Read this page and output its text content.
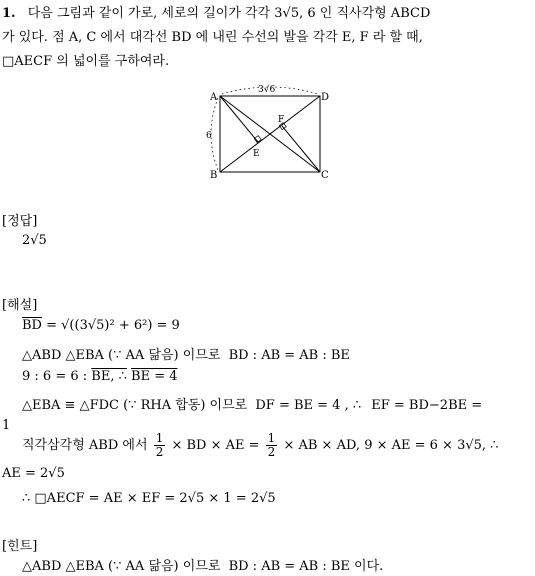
1. 다음 그림과 같이 가로, 세로의 길이가 각각 3√5, 6 인 직사각형 ABCD
가 있다. 점 A, C 에서 대각선 BD 에 내린 수선의 발을 각각 E, F 라 할 때,
□AECF 의 넓이를 구하여라.
A	D
B	C
E
F
3√6
6
[정답]
2√5
[해설]
$\overline{BD} = √((3√5)^2 + 6^2) = 9$
△ABD △EBA (∵ AA 닮음) 이므로 BD : AB = AB : BE
9 : 6 = 6 : BE, ∴ BE = 4
△EBA ≡ △FDC (∵ RHA 합동) 이므로 DF = BE = 4 , ∴ EF = BD−2BE =
1
직각삼각형 ABD 에서 $\frac{1}{2}$ × BD × AE = $\frac{1}{2}$ × AB × AD, 9 × AE = 6 × 3√5, ∴
AE = 2√5
∴ □AECF = AE × EF = 2√5 × 1 = 2√5
[힌트]
△ABD △EBA (∵ AA 닮음) 이므로 BD : AB = AB : BE 이다.
